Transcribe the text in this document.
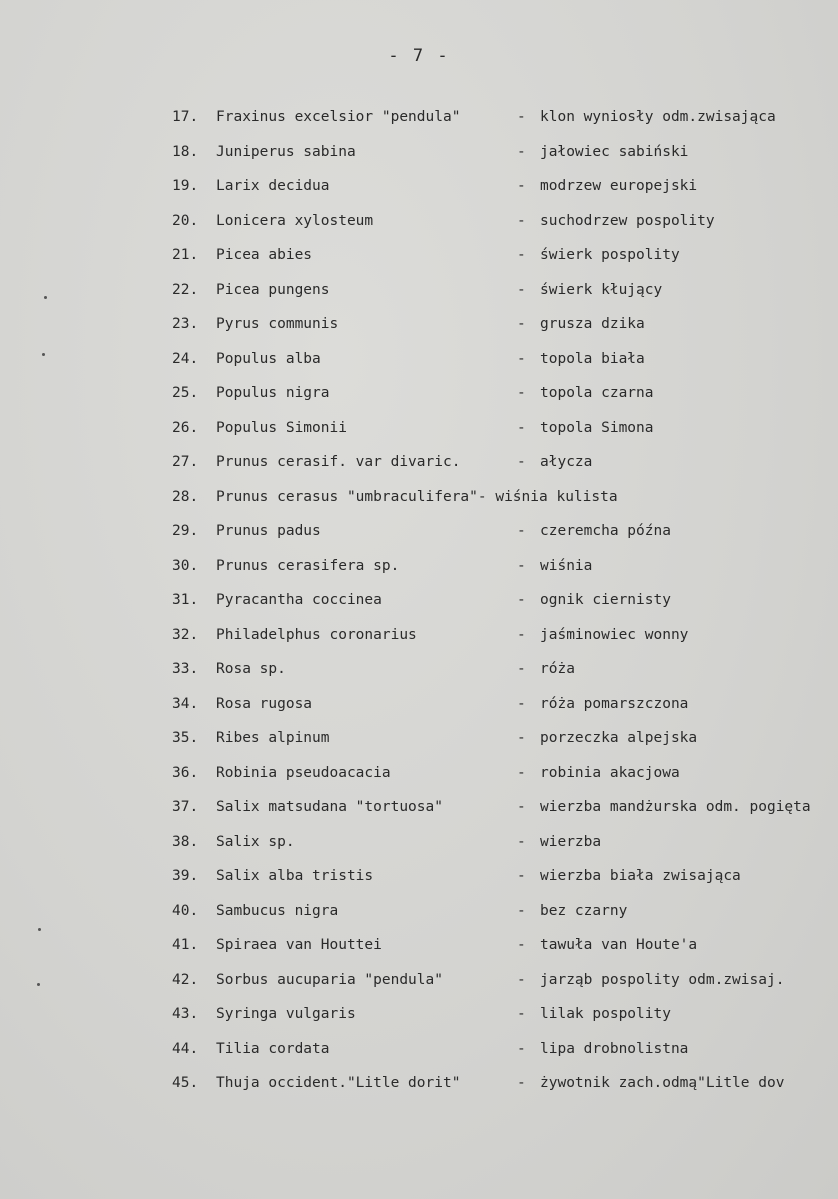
- 7 -
17. Fraxinus excelsior "pendula"	- klon wyniosły odm.zwisająca
18. Juniperus sabina	- jałowiec sabiński
19. Larix decidua	- modrzew europejski
20. Lonicera xylosteum	- suchodrzew pospolity
21. Picea abies	- świerk pospolity
22. Picea pungens	- świerk kłujący
23. Pyrus communis	- grusza dzika
24. Populus alba	- topola biała
25. Populus nigra	- topola czarna
26. Populus Simonii	- topola Simona
27. Prunus cerasif. var divaric.	- ałycza
28. Prunus cerasus "umbraculifera"- wiśnia kulista
29. Prunus padus	- czeremcha późna
30. Prunus cerasifera sp.	- wiśnia
31. Pyracantha coccinea	- ognik ciernisty
32. Philadelphus coronarius	- jaśminowiec wonny
33. Rosa sp.	- róża
34. Rosa rugosa	- róża pomarszczona
35. Ribes alpinum	- porzeczka alpejska
36. Robinia pseudoacacia	- robinia akacjowa
37. Salix matsudana "tortuosa"	- wierzba mandżurska odm. pogięta
38. Salix sp.	- wierzba
39. Salix alba tristis	- wierzba biała zwisająca
40. Sambucus nigra	- bez czarny
41. Spiraea van Houttei	- tawuła van Houte'a
42. Sorbus aucuparia "pendula"	- jarząb pospolity odm.zwisaj.
43. Syringa vulgaris	- lilak pospolity
44. Tilia cordata	- lipa drobnolistna
45. Thuja occident."Litle dorit"	- żywotnik zach.odmą"Litle dov
